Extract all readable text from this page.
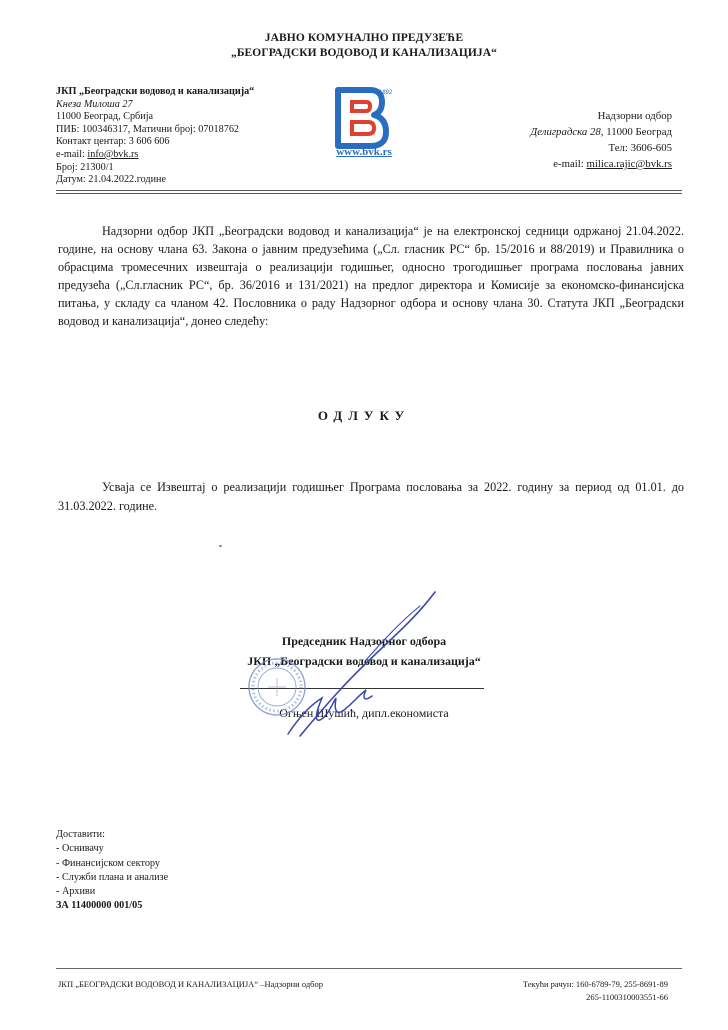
ЈАВНО КОМУНАЛНО ПРЕДУЗЕЋЕ
„БЕОГРАДСКИ ВОДОВОД И КАНАЛИЗАЦИЈА“
ЈКП „Београдски водовод и канализација“
Кнеза Милоша 27
11000 Београд, Србија
ПИБ: 100346317, Матични број: 07018762
Контакт центар: 3 606 606
e-mail: info@bvk.rs
Број: 21300/1
Датум: 21.04.2022.године
1892
www.bvk.rs
Надзорни одбор
Делиградска 28, 11000 Београд
Тел: 3606-605
e-mail: milica.rajic@bvk.rs
Надзорни одбор ЈКП „Београдски водовод и канализација“ је на електронској седници одржаној 21.04.2022. године, на основу члана 63. Закона о јавним предузећима („Сл. гласник РС“ бр. 15/2016 и 88/2019) и Правилника о обрасцима тромесечних извештаја о реализацији годишњег, односно трогодишњег програма пословања јавних предузећа („Сл.гласник РС“, бр. 36/2016 и 131/2021) на предлог директора и Комисије за економско-финансијска питања, у складу са чланом 42. Пословника о раду Надзорног одбора и основу члана 30. Статута ЈКП „Београдски водовод и канализација“, донео следећу:
ОДЛУКУ
Усваја се Извештај о реализацији годишњег Програма пословања за 2022. годину за период од 01.01. до 31.03.2022. године.
Председник Надзорног одбора
ЈКП „Београдски водовод и канализација“
Огњен Шушић, дипл.економиста
Доставити:
- Оснивачу
- Финансијском сектору
- Служби плана и анализе
- Архиви
ЗА 11400000 001/05
ЈКП „БЕОГРАДСКИ ВОДОВОД И КАНАЛИЗАЦИЈА“ –Надзорни одбор	Текући рачун: 160-6789-79, 255-8691-89
265-1100310003551-66
